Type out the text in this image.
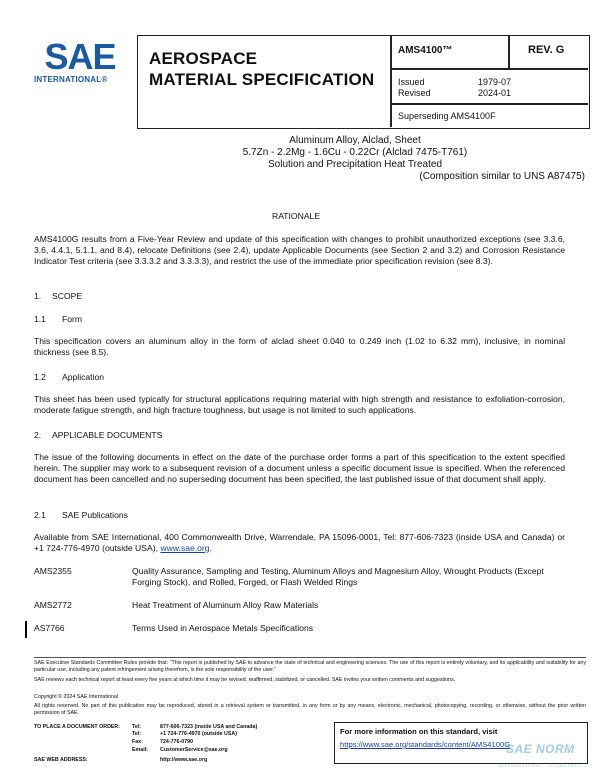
SAE
INTERNATIONAL®
AEROSPACE
MATERIAL SPECIFICATION
AMS4100™	REV. G
Issued	1979-07
Revised	2024-01
Superseding AMS4100F
Aluminum Alloy, Alclad, Sheet
5.7Zn - 2.2Mg - 1.6Cu - 0.22Cr (Alclad 7475-T761)
Solution and Precipitation Heat Treated
(Composition similar to UNS A87475)
RATIONALE
AMS4100G results from a Five-Year Review and update of this specification with changes to prohibit unauthorized exceptions (see 3.3.6, 3.6, 4.4.1, 5.1.1, and 8.4), relocate Definitions (see 2.4), update Applicable Documents (see Section 2 and 3.2) and Corrosion Resistance Indicator Test criteria (see 3.3.3.2 and 3.3.3.3), and restrict the use of the immediate prior specification revision (see 8.3).
1. SCOPE
1.1 Form
This specification covers an aluminum alloy in the form of alclad sheet 0.040 to 0.249 inch (1.02 to 6.32 mm), inclusive, in nominal thickness (see 8.5).
1.2 Application
This sheet has been used typically for structural applications requiring material with high strength and resistance to exfoliation-corrosion, moderate fatigue strength, and high fracture toughness, but usage is not limited to such applications.
2. APPLICABLE DOCUMENTS
The issue of the following documents in effect on the date of the purchase order forms a part of this specification to the extent specified herein. The supplier may work to a subsequent revision of a document unless a specific document issue is specified. When the referenced document has been cancelled and no superseding document has been specified, the last published issue of that document shall apply.
2.1 SAE Publications
Available from SAE International, 400 Commonwealth Drive, Warrendale, PA 15096-0001, Tel: 877-606-7323 (inside USA and Canada) or +1 724-776-4970 (outside USA), www.sae.org.
AMS2355	Quality Assurance, Sampling and Testing, Aluminum Alloys and Magnesium Alloy, Wrought Products (Except Forging Stock), and Rolled, Forged, or Flash Welded Rings
AMS2772	Heat Treatment of Aluminum Alloy Raw Materials
AS7766	Terms Used in Aerospace Metals Specifications
SAE Executive Standards Committee Rules provide that: “This report is published by SAE to advance the state of technical and engineering sciences. The use of this report is entirely voluntary, and its applicability and suitability for any particular use, including any patent infringement arising therefrom, is the sole responsibility of the user.”
SAE reviews each technical report at least every five years at which time it may be revised, reaffirmed, stabilized, or cancelled. SAE invites your written comments and suggestions.
Copyright © 2024 SAE International
All rights reserved. No part of this publication may be reproduced, stored in a retrieval system or transmitted, in any form or by any means, electronic, mechanical, photocopying, recording, or otherwise, without the prior written permission of SAE.
TO PLACE A DOCUMENT ORDER: Tel:	877-606-7323 (inside USA and Canada)
Tel:	+1 724-776-4970 (outside USA)
Fax:	724-776-0790
Email: CustomerService@sae.org
SAE WEB ADDRESS:	http://www.sae.org
For more information on this standard, visit
https://www.sae.org/standards/content/AMS4100G
SAE NORM
INTERNATIONAL · STANDARDS
